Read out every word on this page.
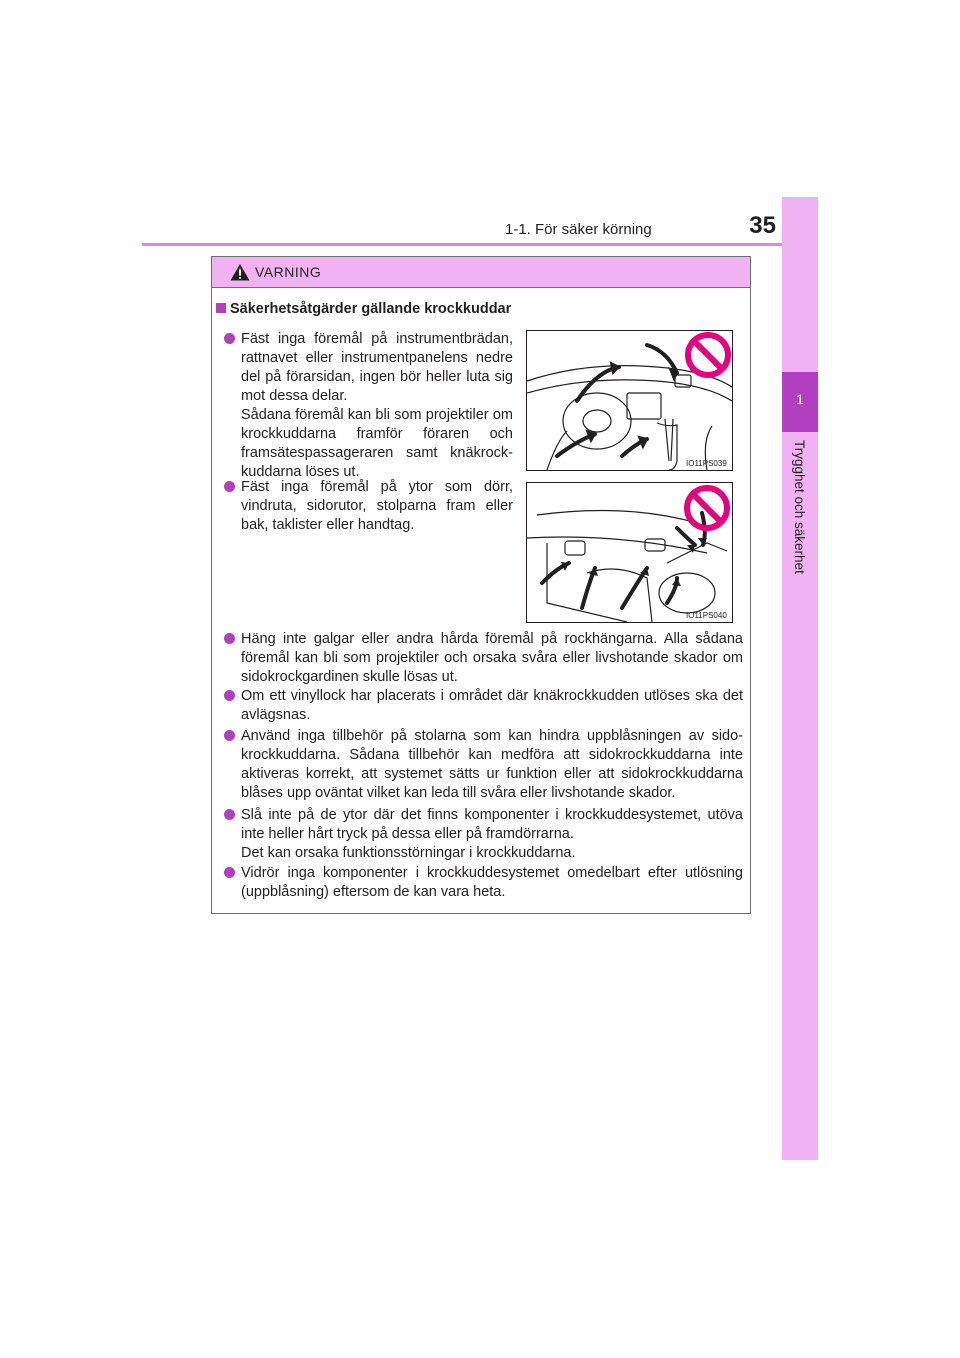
1-1. För säker körning	35
1
Trygghet och säkerhet
VARNING
Säkerhetsåtgärder gällande krockkuddar

Fäst inga föremål på instrumentbrädan, rattnavet eller instrumentpanelens nedre del på förarsidan, ingen bör heller luta sig mot dessa delar.

Sådana föremål kan bli som projektiler om krockkuddarna framför föraren och framsätespassageraren samt knäkrock-kuddarna löses ut.

IO11PS039

Fäst inga föremål på ytor som dörr, vindruta, sidorutor, stolparna fram eller bak, taklister eller handtag.

IO11PS040

Häng inte galgar eller andra hårda föremål på rockhängarna. Alla sådana föremål kan bli som projektiler och orsaka svåra eller livshotande skador om sidokrockgardinen skulle lösas ut.

Om ett vinyllock har placerats i området där knäkrockkudden utlöses ska det avlägsnas.

Använd inga tillbehör på stolarna som kan hindra uppblåsningen av sido-krockkuddarna. Sådana tillbehör kan medföra att sidokrockkuddarna inte aktiveras korrekt, att systemet sätts ur funktion eller att sidokrockkuddarna blåses upp oväntat vilket kan leda till svåra eller livshotande skador.

Slå inte på de ytor där det finns komponenter i krockkuddesystemet, utöva inte heller hårt tryck på dessa eller på framdörrarna.

Det kan orsaka funktionsstörningar i krockkuddarna.

Vidrör inga komponenter i krockkuddesystemet omedelbart efter utlösning (uppblåsning) eftersom de kan vara heta.
